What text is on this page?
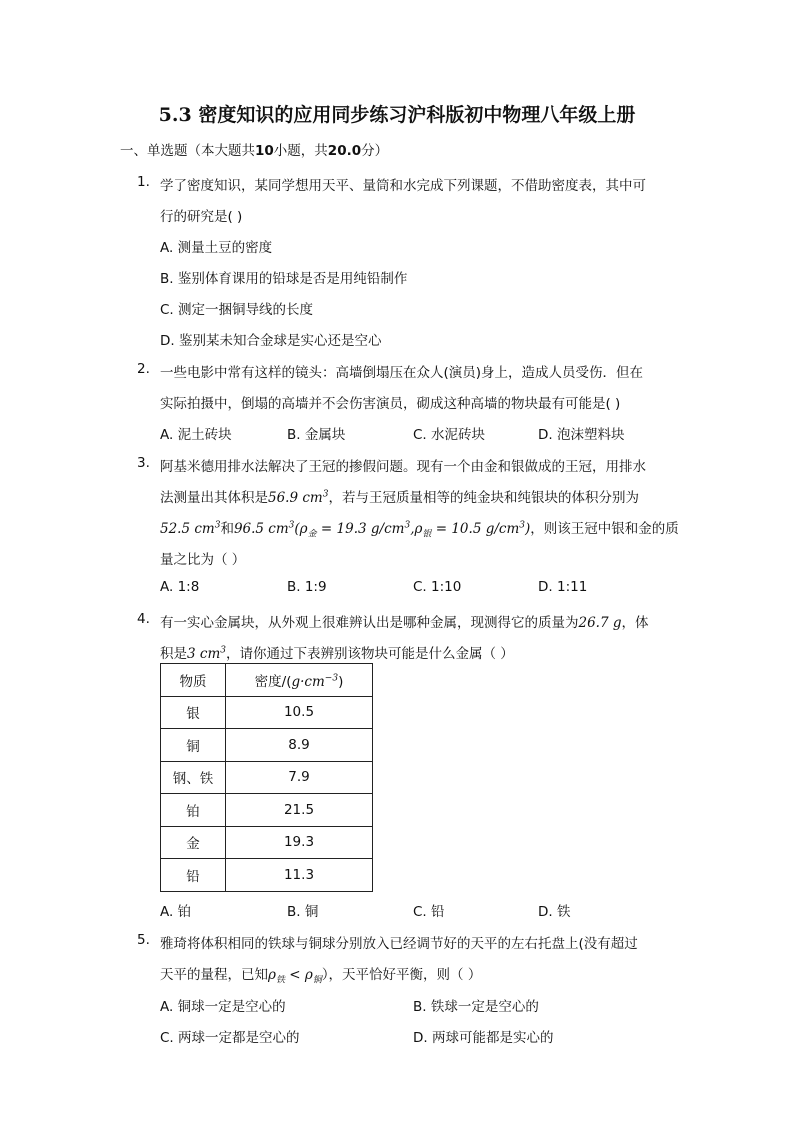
5.3 密度知识的应用同步练习沪科版初中物理八年级上册
一、单选题（本大题共10小题，共20.0分）
1. 学了密度知识，某同学想用天平、量筒和水完成下列课题，不借助密度表，其中可
行的研究是( )
A. 测量土豆的密度
B. 鉴别体育课用的铅球是否是用纯铅制作
C. 测定一捆铜导线的长度
D. 鉴别某未知合金球是实心还是空心
2. 一些电影中常有这样的镜头：高墙倒塌压在众人(演员)身上，造成人员受伤．但在
实际拍摄中，倒塌的高墙并不会伤害演员，砌成这种高墙的物块最有可能是( )
A. 泥土砖块	B. 金属块	C. 水泥砖块	D. 泡沫塑料块
3. 阿基米德用排水法解决了王冠的掺假问题。现有一个由金和银做成的王冠，用排水
法测量出其体积是56.9 $cm^3$，若与王冠质量相等的纯金块和纯银块的体积分别为
52.5 $cm^3$和96.5 $cm^3(\rho_金 = 19.3$ $g/cm^3,\rho_银 = 10.5$ $g/cm^3$)，则该王冠中银和金的质
量之比为（ ）
A. 1:8	B. 1:9	C. 1:10	D. 1:11
4. 有一实心金属块，从外观上很难辨认出是哪种金属，现测得它的质量为26.7 g，体
积是3 $cm^3$，请你通过下表辨别该物块可能是什么金属（ ）
物质	密度$/(g\cdot cm^{-3})$
银	10.5
铜	8.9
钢、铁	7.9
铂	21.5
金	19.3
铅	11.3
A. 铂	B. 铜	C. 铅	D. 铁
5. 雅琦将体积相同的铁球与铜球分别放入已经调节好的天平的左右托盘上(没有超过
天平的量程，已知$\rho_铁 < \rho_铜$），天平恰好平衡，则（ ）
A. 铜球一定是空心的	B. 铁球一定是空心的
C. 两球一定都是空心的	D. 两球可能都是实心的
